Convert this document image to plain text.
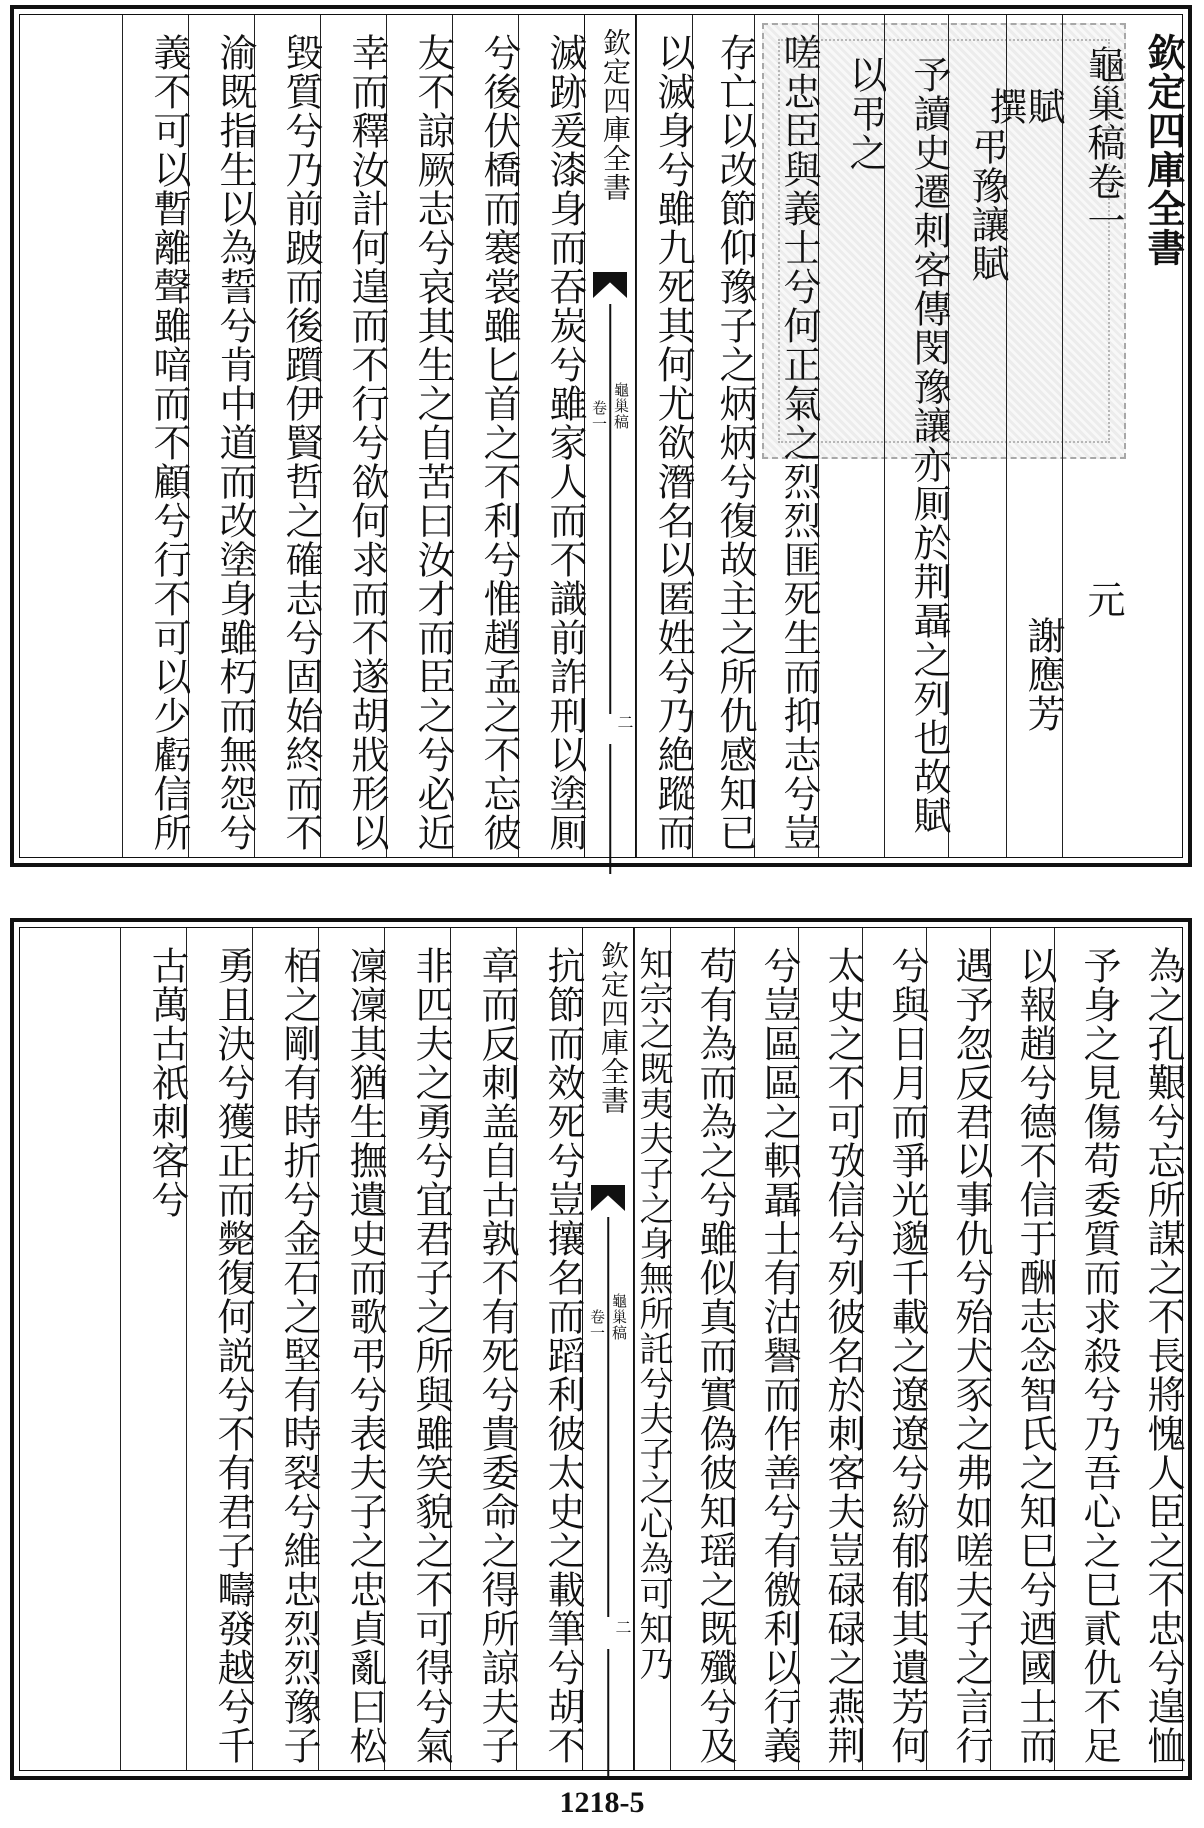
欽定四庫全書
龜巢稿卷一  元
賦  謝應芳  撰
弔豫讓賦
予讀史遷刺客傳閔豫讓亦厠於荆聶之列也故賦
以弔之
嗟忠臣與義士兮何正氣之烈烈匪死生而抑志兮豈
存亡以改節仰豫子之炳炳兮復故主之所仇感知已
欽定四庫全書
龜巢稿
卷一
二 以滅身兮雖九死其何尤欲潛名以匿姓兮乃絶蹤而
滅跡爰漆身而吞炭兮雖家人而不識前詐刑以塗厠
兮後伏橋而褰裳雖匕首之不利兮惟趙孟之不忘彼
友不諒厥志兮哀其生之自苦曰汝才而臣之兮必近
幸而釋汝計何遑而不行兮欲何求而不遂胡戕形以
毀質兮乃前跛而後躓伊賢哲之確志兮固始終而不
渝既指生以為誓兮肯中道而改塗身雖朽而無怨兮
義不可以暫離聲雖喑而不顧兮行不可以少虧信所
為之孔艱兮忘所謀之不長將愧人臣之不忠兮遑恤
予身之見傷苟委質而求殺兮乃吾心之巳貳仇不足
以報趙兮德不信于酬志念智氏之知巳兮迺國士而
遇予忽反君以事仇兮殆犬豕之弗如嗟夫子之言行
兮與日月而爭光邈千載之遼遼兮紛郁郁其遺芳何
太史之不可攷信兮列彼名於刺客夫豈碌碌之燕荆
兮豈區區之軹聶士有沽譽而作善兮有徼利以行義
苟有為而為之兮雖似真而實偽彼知瑶之既殲兮及
欽定四庫全書
龜巢稿
卷一
二 知宗之既夷夫子之身無所託兮夫子之心為可知乃
抗節而效死兮豈攘名而蹈利彼太史之載筆兮胡不
章而反刺盖自古孰不有死兮貴委命之得所諒夫子
非匹夫之勇兮宜君子之所與雖笑貌之不可得兮氣
凜凜其猶生撫遺史而歌弔兮表夫子之忠貞亂曰松
栢之剛有時折兮金石之堅有時裂兮維忠烈烈豫子
勇且決兮獲正而斃復何説兮不有君子疇發越兮千
古萬古祇刺客兮
1218-5
